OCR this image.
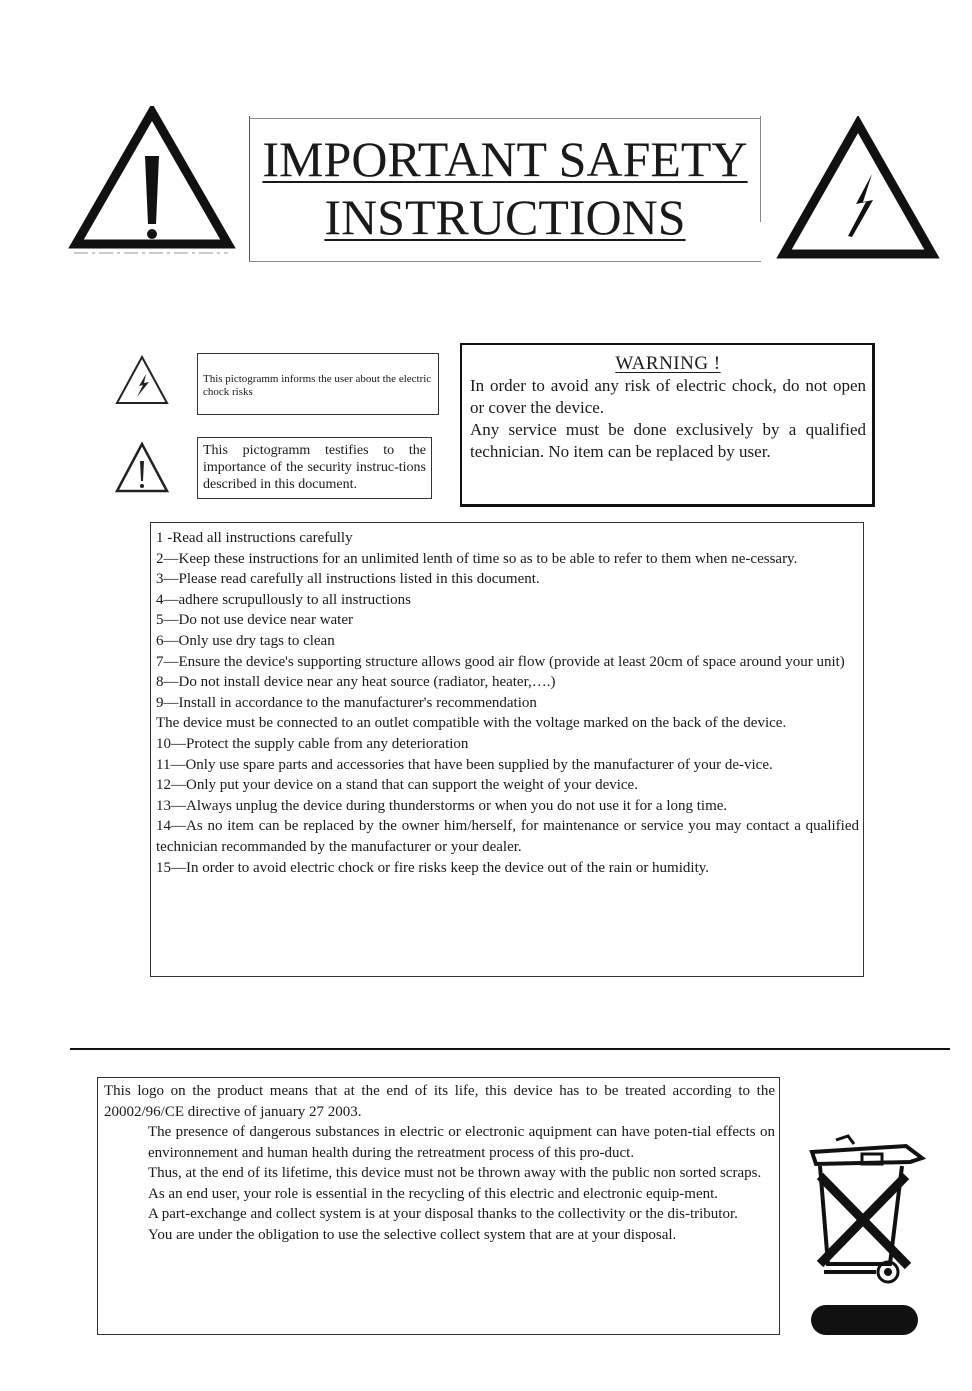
IMPORTANT SAFETY
INSTRUCTIONS
This pictogramm informs the user about the electric chock risks
This pictogramm testifies to the importance of the security instruc-tions described in this document.
WARNING !

In order to avoid any risk of electric chock, do not open or cover the device.

Any service must be done exclusively by a qualified technician. No item can be replaced by user.

1 -Read all instructions carefully
2—Keep these instructions for an unlimited lenth of time so as to be able to refer to them when ne-cessary.
3—Please read carefully all instructions listed in this document.
4—adhere scrupullously to all instructions
5—Do not use device near water
6—Only use dry tags to clean
7—Ensure the device's supporting structure allows good air flow (provide at least 20cm of space around your unit)
8—Do not install device near any heat source (radiator, heater,….)
9—Install in accordance to the manufacturer's recommendation
The device must be connected to an outlet compatible with the voltage marked on the back of the device.
10—Protect the supply cable from any deterioration
11—Only use spare parts and accessories that have been supplied by the manufacturer of your de-vice.
12—Only put your device on a stand that can support the weight of your device.
13—Always unplug the device during thunderstorms or when you do not use it for a long time.
14—As no item can be replaced by the owner him/herself, for maintenance or service you may contact a qualified technician recommanded by the manufacturer or your dealer.
15—In order to avoid electric chock or fire risks keep the device out of the rain or humidity.

This logo on the product means that at the end of its life, this device has to be treated according to the 20002/96/CE directive of january 27 2003.

The presence of dangerous substances in electric or electronic aquipment can have poten-tial effects on environnement and human health during the retreatment process of this pro-duct.

Thus, at the end of its lifetime, this device must not be thrown away with the public non sorted scraps.

As an end user, your role is essential in the recycling of this electric and electronic equip-ment.

A part-exchange and collect system is at your disposal thanks to the collectivity or the dis-tributor.

You are under the obligation to use the selective collect system that are at your disposal.
